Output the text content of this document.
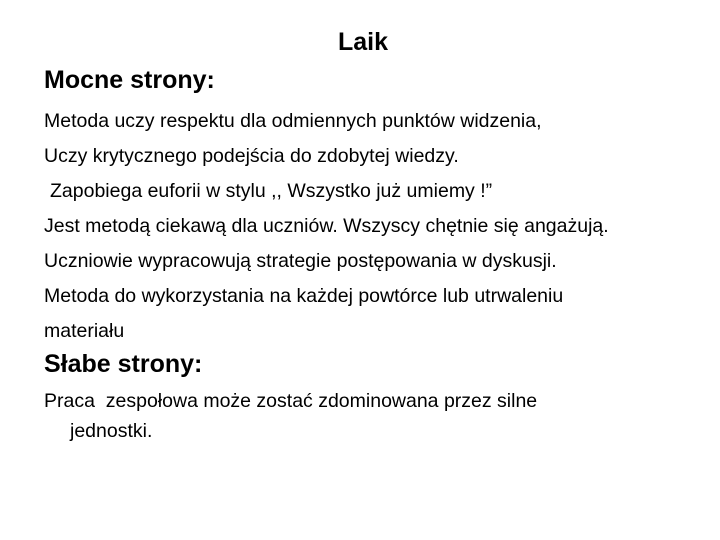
Laik
Mocne strony:
Metoda uczy respektu dla odmiennych punktów widzenia,
Uczy krytycznego podejścia do zdobytej wiedzy.
Zapobiega euforii w stylu ,, Wszystko już umiemy !”
Jest metodą ciekawą dla uczniów. Wszyscy chętnie się angażują.
Uczniowie wypracowują strategie postępowania w dyskusji.
Metoda do wykorzystania na każdej powtórce lub utrwaleniu
materiału
Słabe strony:
Praca  zespołowa może zostać zdominowana przez silne
jednostki.
